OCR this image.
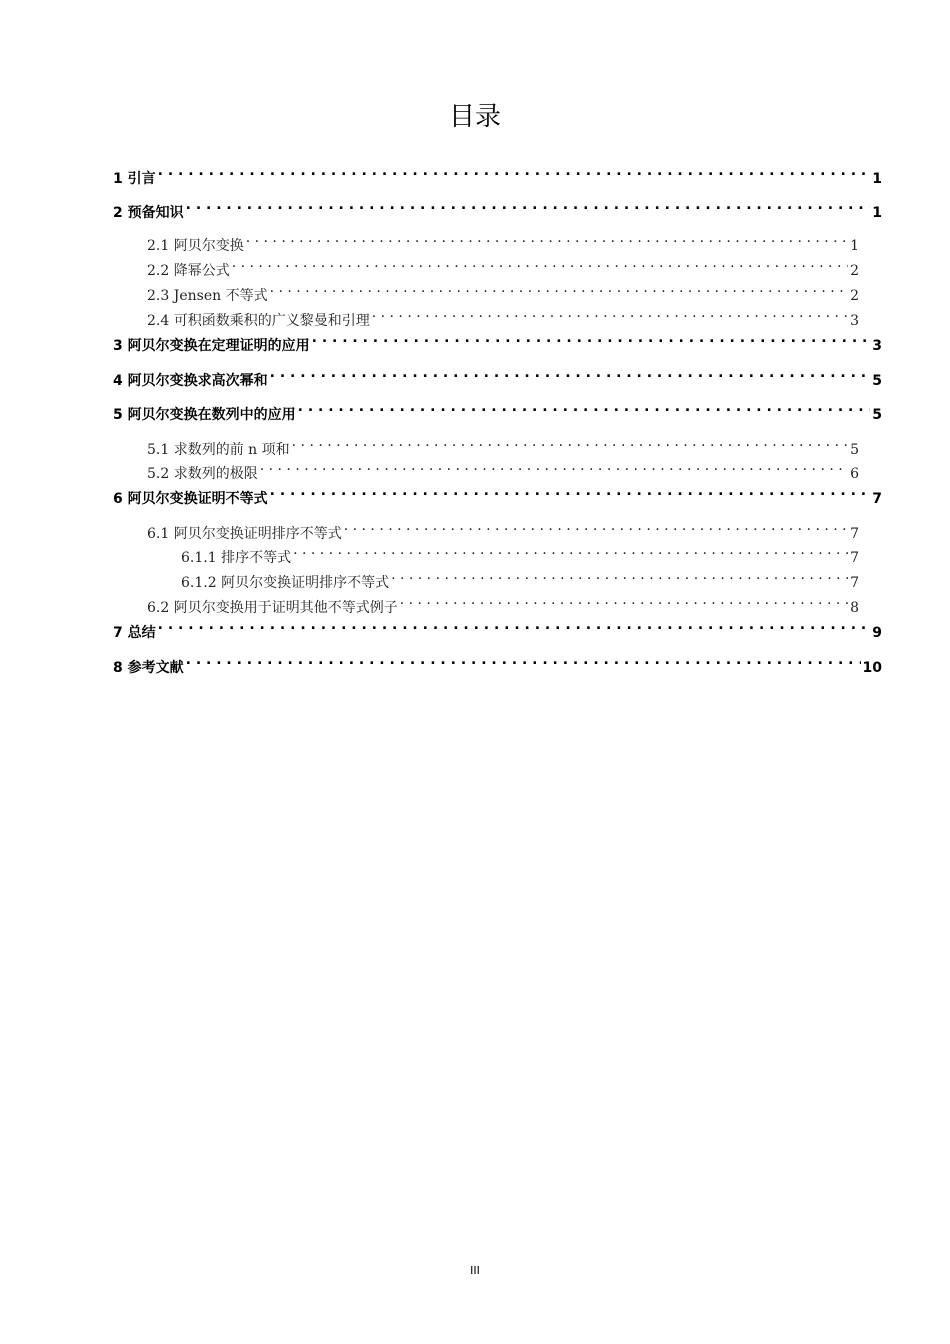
目录
1 引言 . . .	1
2 预备知识 . . .	1
2.1 阿贝尔变换 . . .	1
2.2 降幂公式 . . .	2
2.3 Jensen 不等式 . . .	2
2.4 可积函数乘积的广义黎曼和引理 . . .	3
3 阿贝尔变换在定理证明的应用 . . .	3
4 阿贝尔变换求高次幂和 . . .	5
5 阿贝尔变换在数列中的应用 . . .	5
5.1 求数列的前 n 项和 . . .	5
5.2 求数列的极限 . . .	6
6 阿贝尔变换证明不等式 . . .	7
6.1 阿贝尔变换证明排序不等式 . . .	7
6.1.1 排序不等式 . . .	7
6.1.2 阿贝尔变换证明排序不等式 . . .	7
6.2 阿贝尔变换用于证明其他不等式例子 . . .	8
7 总结 . . .	9
8 参考文献 . . .	10
III
